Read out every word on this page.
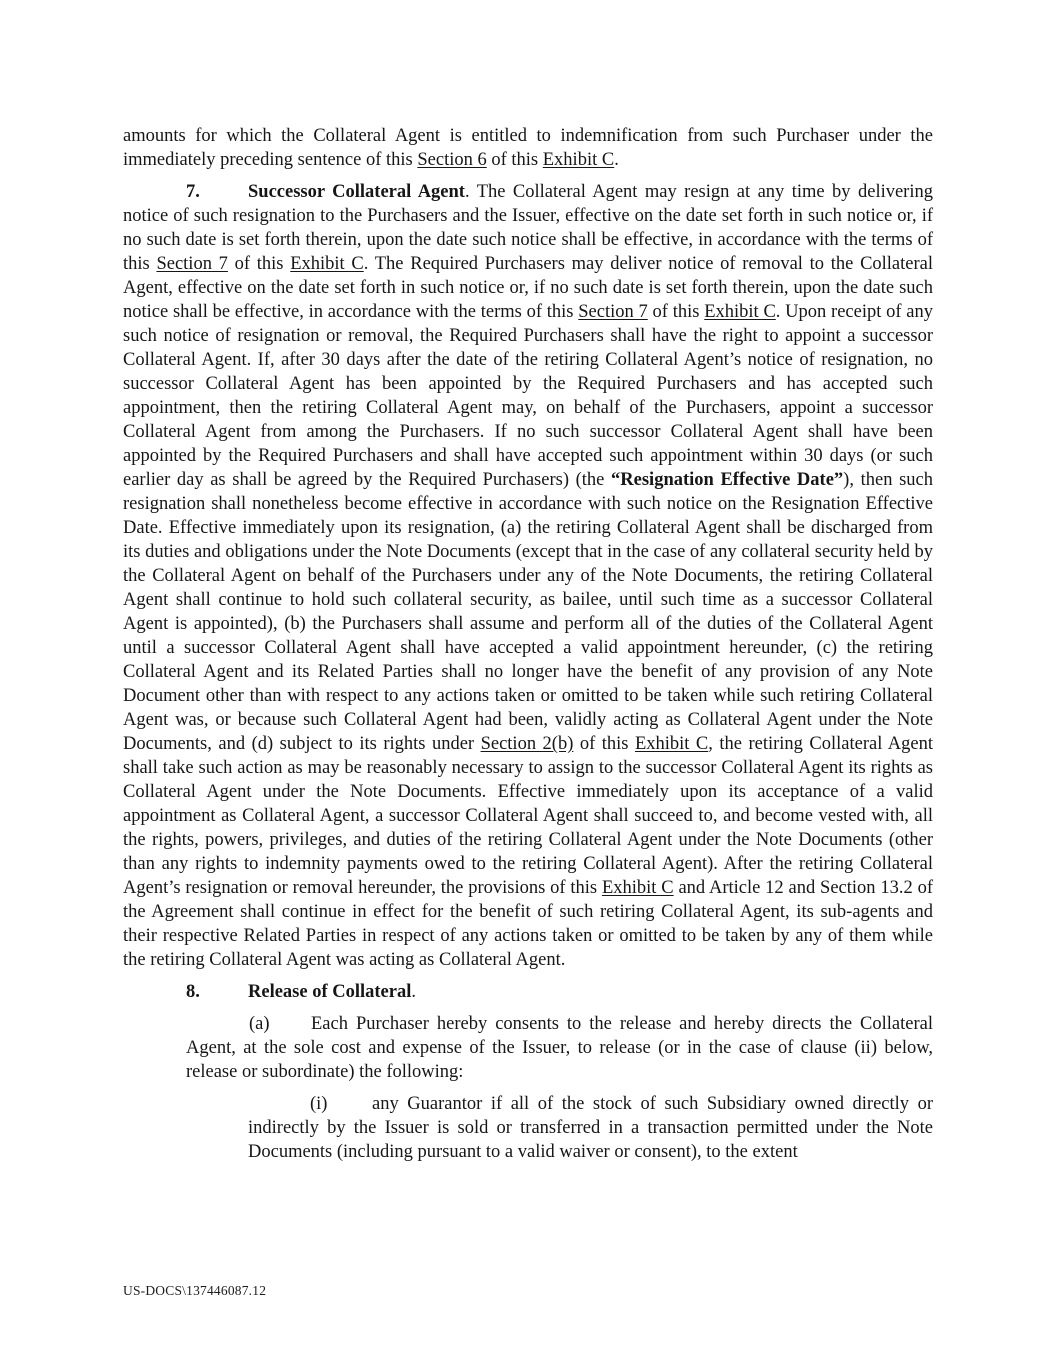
amounts for which the Collateral Agent is entitled to indemnification from such Purchaser under the immediately preceding sentence of this Section 6 of this Exhibit C.

7.	Successor Collateral Agent. The Collateral Agent may resign at any time by delivering notice of such resignation to the Purchasers and the Issuer, effective on the date set forth in such notice or, if no such date is set forth therein, upon the date such notice shall be effective, in accordance with the terms of this Section 7 of this Exhibit C. The Required Purchasers may deliver notice of removal to the Collateral Agent, effective on the date set forth in such notice or, if no such date is set forth therein, upon the date such notice shall be effective, in accordance with the terms of this Section 7 of this Exhibit C. Upon receipt of any such notice of resignation or removal, the Required Purchasers shall have the right to appoint a successor Collateral Agent. If, after 30 days after the date of the retiring Collateral Agent’s notice of resignation, no successor Collateral Agent has been appointed by the Required Purchasers and has accepted such appointment, then the retiring Collateral Agent may, on behalf of the Purchasers, appoint a successor Collateral Agent from among the Purchasers. If no such successor Collateral Agent shall have been appointed by the Required Purchasers and shall have accepted such appointment within 30 days (or such earlier day as shall be agreed by the Required Purchasers) (the “Resignation Effective Date”), then such resignation shall nonetheless become effective in accordance with such notice on the Resignation Effective Date. Effective immediately upon its resignation, (a) the retiring Collateral Agent shall be discharged from its duties and obligations under the Note Documents (except that in the case of any collateral security held by the Collateral Agent on behalf of the Purchasers under any of the Note Documents, the retiring Collateral Agent shall continue to hold such collateral security, as bailee, until such time as a successor Collateral Agent is appointed), (b) the Purchasers shall assume and perform all of the duties of the Collateral Agent until a successor Collateral Agent shall have accepted a valid appointment hereunder, (c) the retiring Collateral Agent and its Related Parties shall no longer have the benefit of any provision of any Note Document other than with respect to any actions taken or omitted to be taken while such retiring Collateral Agent was, or because such Collateral Agent had been, validly acting as Collateral Agent under the Note Documents, and (d) subject to its rights under Section 2(b) of this Exhibit C, the retiring Collateral Agent shall take such action as may be reasonably necessary to assign to the successor Collateral Agent its rights as Collateral Agent under the Note Documents. Effective immediately upon its acceptance of a valid appointment as Collateral Agent, a successor Collateral Agent shall succeed to, and become vested with, all the rights, powers, privileges, and duties of the retiring Collateral Agent under the Note Documents (other than any rights to indemnity payments owed to the retiring Collateral Agent). After the retiring Collateral Agent’s resignation or removal hereunder, the provisions of this Exhibit C and Article 12 and Section 13.2 of the Agreement shall continue in effect for the benefit of such retiring Collateral Agent, its sub-agents and their respective Related Parties in respect of any actions taken or omitted to be taken by any of them while the retiring Collateral Agent was acting as Collateral Agent.

8.	Release of Collateral.

(a) Each Purchaser hereby consents to the release and hereby directs the Collateral Agent, at the sole cost and expense of the Issuer, to release (or in the case of clause (ii) below, release or subordinate) the following:

(i) any Guarantor if all of the stock of such Subsidiary owned directly or indirectly by the Issuer is sold or transferred in a transaction permitted under the Note Documents (including pursuant to a valid waiver or consent), to the extent

US-DOCS\137446087.12
